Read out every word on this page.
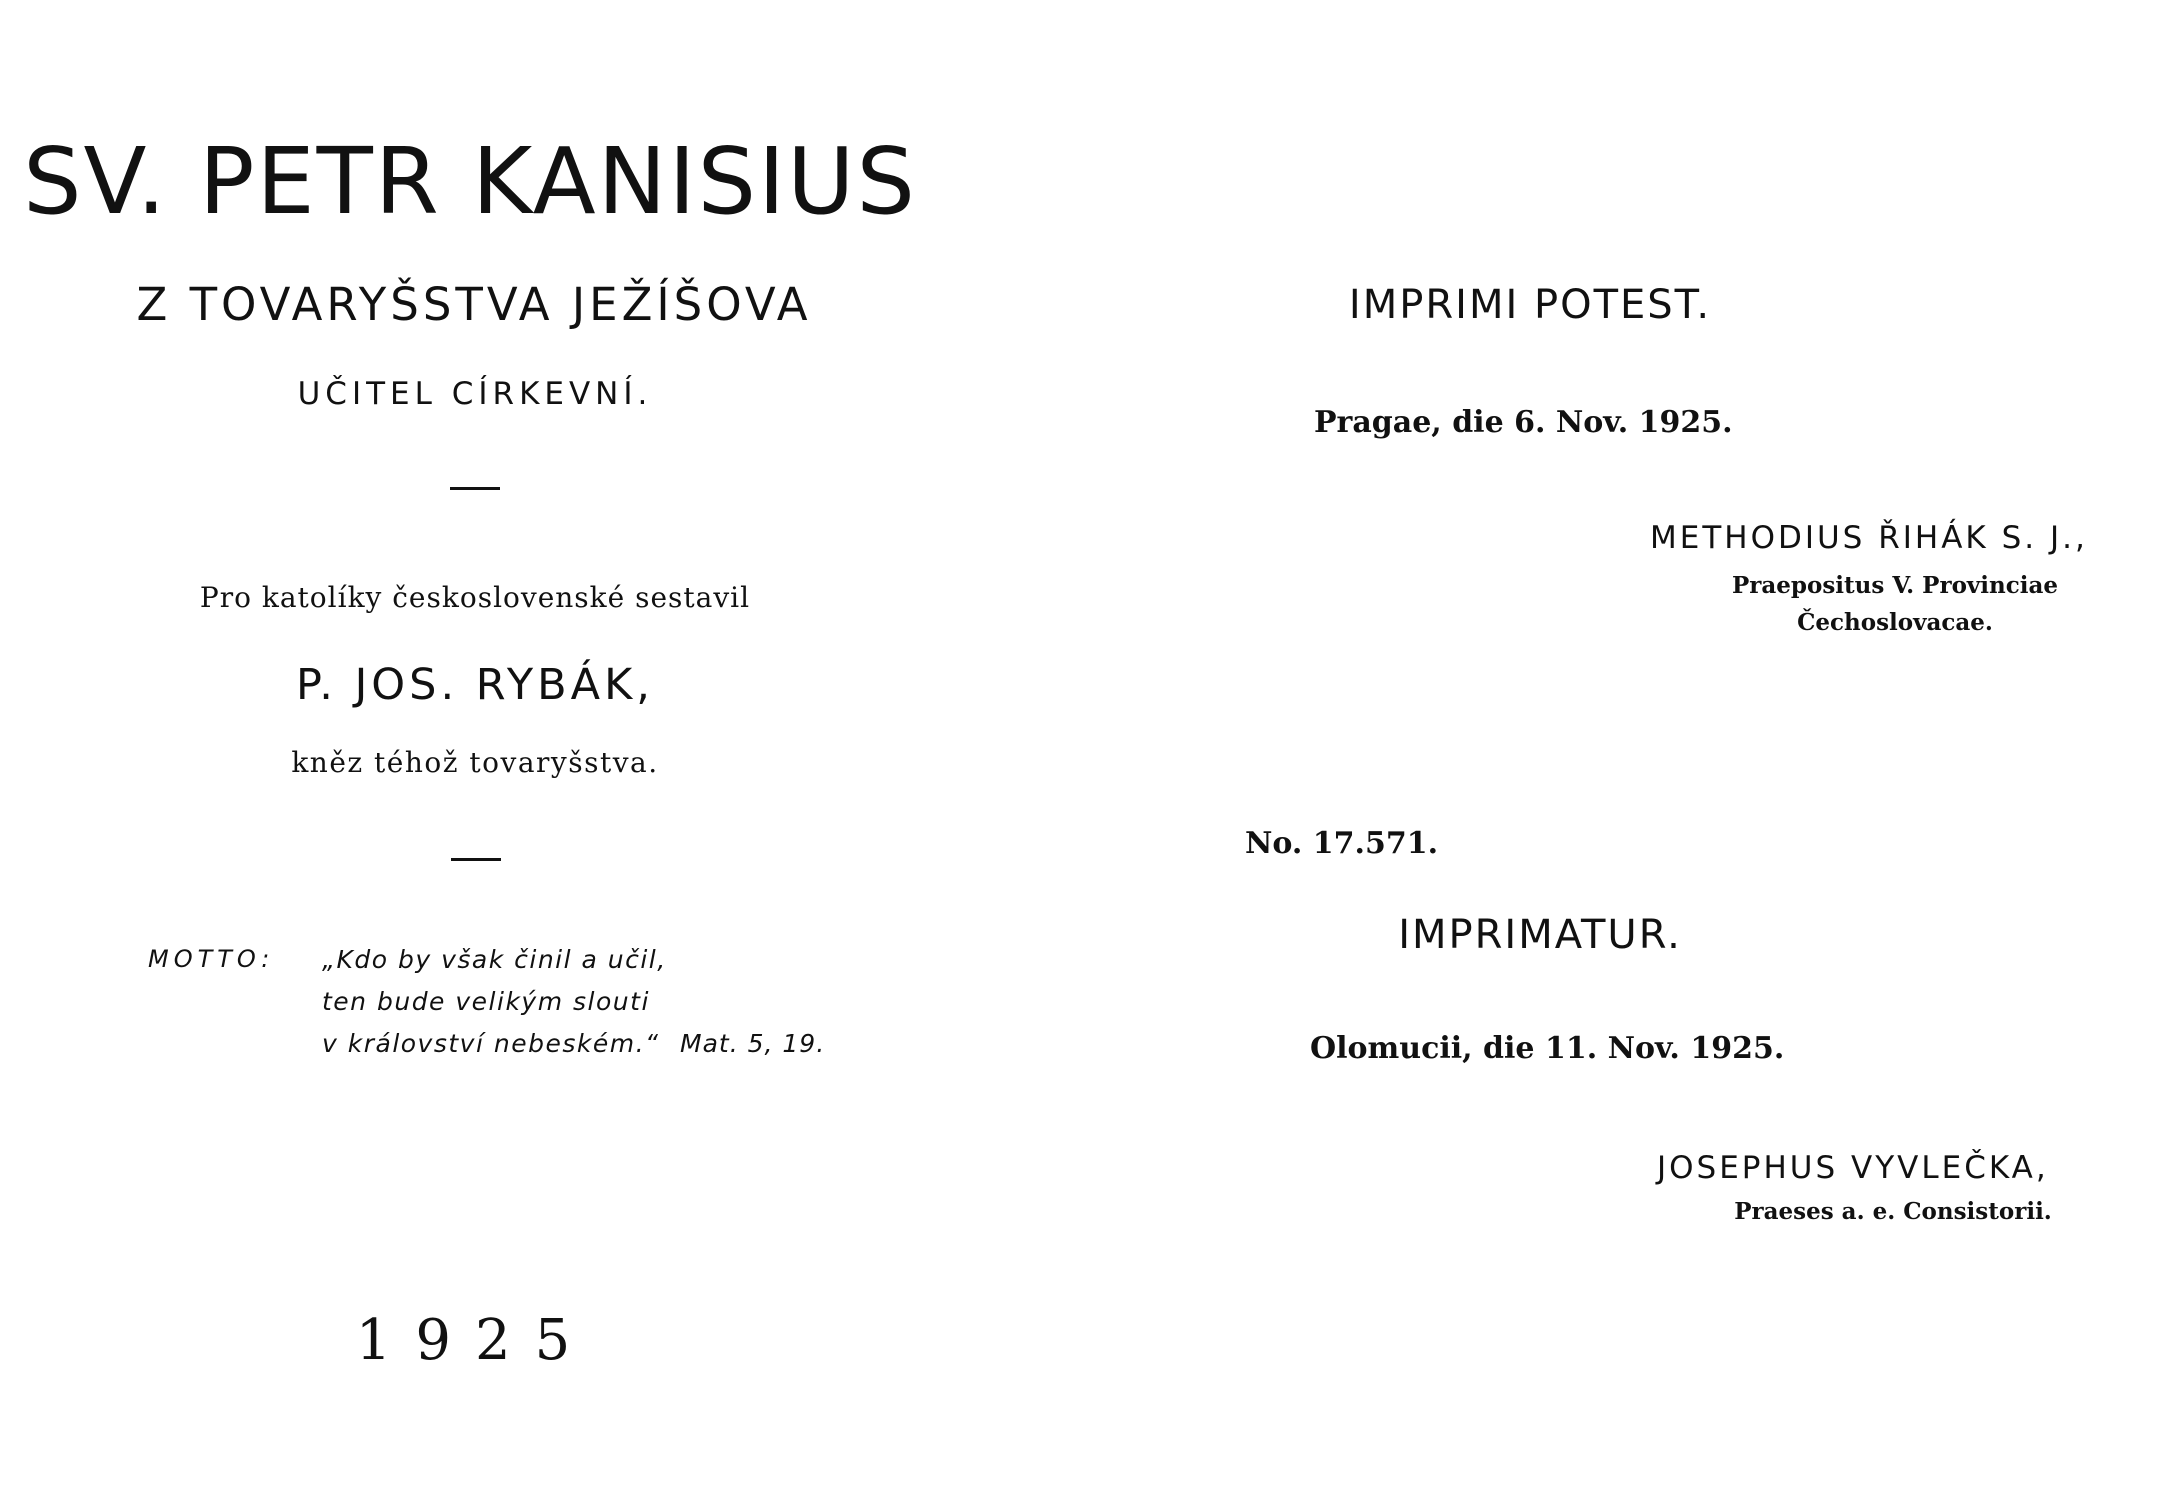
SV. PETR KANISIUS
Z TOVARYŠSTVA JEŽÍŠOVA
UČITEL CÍRKEVNÍ.
Pro katolíky československé sestavil
P. JOS. RYBÁK,
kněz téhož tovaryšstva.
MOTTO: „Kdo by však činil a učil,
ten bude velikým slouti
v království nebeském.“ Mat. 5, 19.
1925
IMPRIMI POTEST.
Pragae, die 6. Nov. 1925.
METHODIUS ŘIHÁK S. J.,
Praepositus V. Provinciae
Čechoslovacae.
No. 17.571.
IMPRIMATUR.
Olomucii, die 11. Nov. 1925.
JOSEPHUS VYVLEČKA,
Praeses a. e. Consistorii.
